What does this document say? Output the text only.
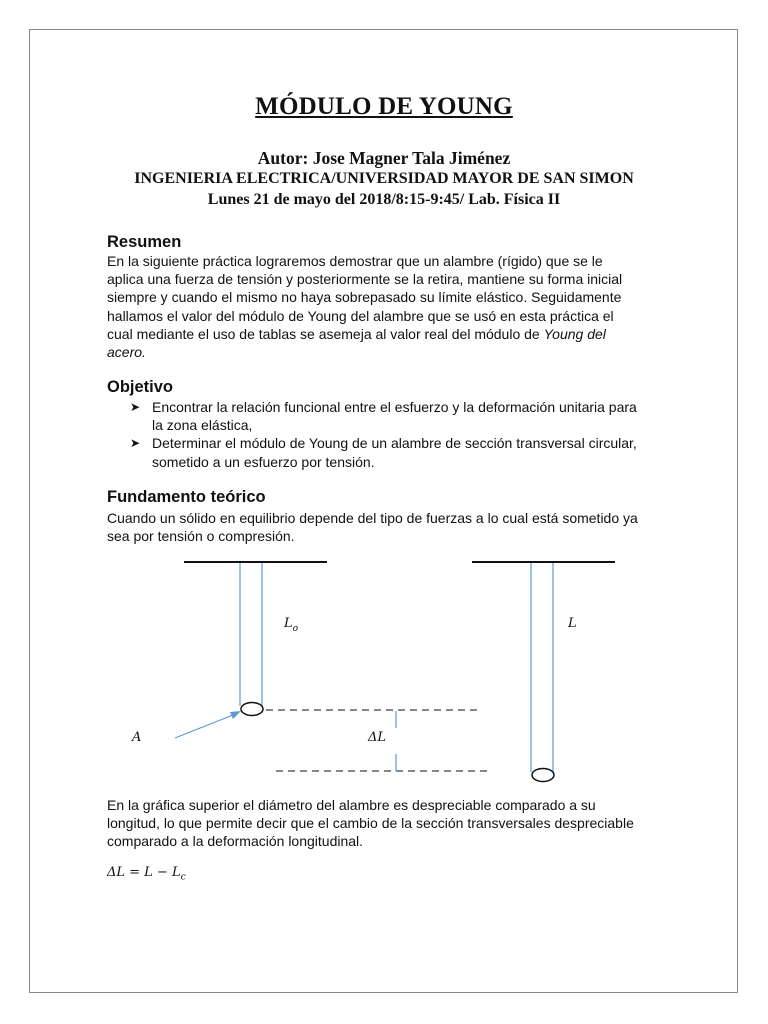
MÓDULO DE YOUNG
Autor: Jose Magner Tala Jiménez
INGENIERIA ELECTRICA/UNIVERSIDAD MAYOR DE SAN SIMON
Lunes 21 de mayo del 2018/8:15-9:45/ Lab. Física II
Resumen
En la siguiente práctica lograremos demostrar que un alambre (rígido) que se le
aplica una fuerza de tensión y posteriormente se la retira, mantiene su forma inicial
siempre y cuando el mismo no haya sobrepasado su límite elástico. Seguidamente
hallamos el valor del módulo de Young del alambre que se usó en esta práctica el
cual mediante el uso de tablas se asemeja al valor real del módulo de Young del
acero.
Objetivo
➤ Encontrar la relación funcional entre el esfuerzo y la deformación unitaria para
la zona elástica,
➤ Determinar el módulo de Young de un alambre de sección transversal circular,
sometido a un esfuerzo por tensión.
Fundamento teórico
Cuando un sólido en equilibrio depende del tipo de fuerzas a lo cual está sometido ya
sea por tensión o compresión.
$L_o$
ΔL
A
L
En la gráfica superior el diámetro del alambre es despreciable comparado a su
longitud, lo que permite decir que el cambio de la sección transversales despreciable
comparado a la deformación longitudinal.
$\Delta L = L - L_c$
